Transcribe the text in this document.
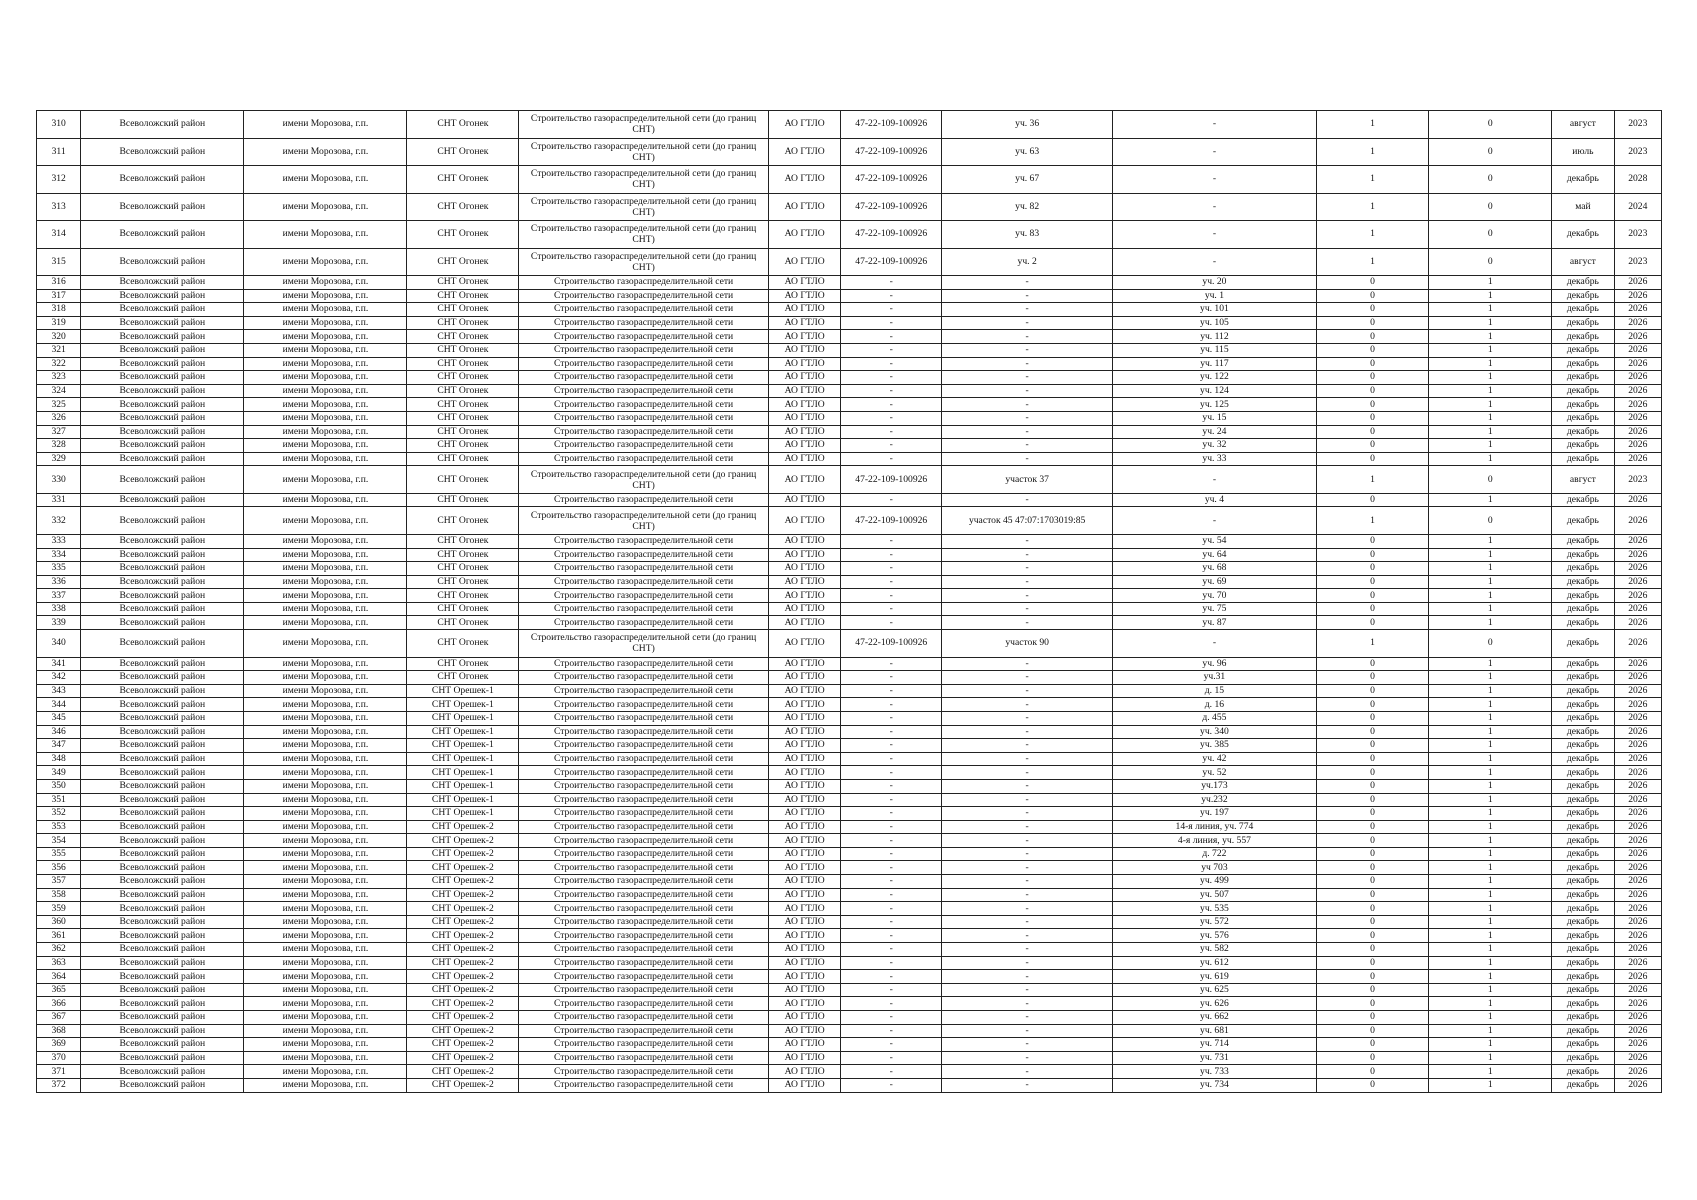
310	Всеволожский район	имени Морозова, г.п.	СНТ Огонек	Строительство газораспределительной сети (до границ СНТ)	АО ГТЛО	47-22-109-100926	уч. 36	-	1	0	август	2023
311	Всеволожский район	имени Морозова, г.п.	СНТ Огонек	Строительство газораспределительной сети (до границ СНТ)	АО ГТЛО	47-22-109-100926	уч. 63	-	1	0	июль	2023
312	Всеволожский район	имени Морозова, г.п.	СНТ Огонек	Строительство газораспределительной сети (до границ СНТ)	АО ГТЛО	47-22-109-100926	уч. 67	-	1	0	декабрь	2028
313	Всеволожский район	имени Морозова, г.п.	СНТ Огонек	Строительство газораспределительной сети (до границ СНТ)	АО ГТЛО	47-22-109-100926	уч. 82	-	1	0	май	2024
314	Всеволожский район	имени Морозова, г.п.	СНТ Огонек	Строительство газораспределительной сети (до границ СНТ)	АО ГТЛО	47-22-109-100926	уч. 83	-	1	0	декабрь	2023
315	Всеволожский район	имени Морозова, г.п.	СНТ Огонек	Строительство газораспределительной сети (до границ СНТ)	АО ГТЛО	47-22-109-100926	уч. 2	-	1	0	август	2023
316	Всеволожский район	имени Морозова, г.п.	СНТ Огонек	Строительство газораспределительной сети	АО ГТЛО	-	-	уч. 20	0	1	декабрь	2026
317	Всеволожский район	имени Морозова, г.п.	СНТ Огонек	Строительство газораспределительной сети	АО ГТЛО	-	-	уч. 1	0	1	декабрь	2026
318	Всеволожский район	имени Морозова, г.п.	СНТ Огонек	Строительство газораспределительной сети	АО ГТЛО	-	-	уч. 101	0	1	декабрь	2026
319	Всеволожский район	имени Морозова, г.п.	СНТ Огонек	Строительство газораспределительной сети	АО ГТЛО	-	-	уч. 105	0	1	декабрь	2026
320	Всеволожский район	имени Морозова, г.п.	СНТ Огонек	Строительство газораспределительной сети	АО ГТЛО	-	-	уч. 112	0	1	декабрь	2026
321	Всеволожский район	имени Морозова, г.п.	СНТ Огонек	Строительство газораспределительной сети	АО ГТЛО	-	-	уч. 115	0	1	декабрь	2026
322	Всеволожский район	имени Морозова, г.п.	СНТ Огонек	Строительство газораспределительной сети	АО ГТЛО	-	-	уч. 117	0	1	декабрь	2026
323	Всеволожский район	имени Морозова, г.п.	СНТ Огонек	Строительство газораспределительной сети	АО ГТЛО	-	-	уч. 122	0	1	декабрь	2026
324	Всеволожский район	имени Морозова, г.п.	СНТ Огонек	Строительство газораспределительной сети	АО ГТЛО	-	-	уч. 124	0	1	декабрь	2026
325	Всеволожский район	имени Морозова, г.п.	СНТ Огонек	Строительство газораспределительной сети	АО ГТЛО	-	-	уч. 125	0	1	декабрь	2026
326	Всеволожский район	имени Морозова, г.п.	СНТ Огонек	Строительство газораспределительной сети	АО ГТЛО	-	-	уч. 15	0	1	декабрь	2026
327	Всеволожский район	имени Морозова, г.п.	СНТ Огонек	Строительство газораспределительной сети	АО ГТЛО	-	-	уч. 24	0	1	декабрь	2026
328	Всеволожский район	имени Морозова, г.п.	СНТ Огонек	Строительство газораспределительной сети	АО ГТЛО	-	-	уч. 32	0	1	декабрь	2026
329	Всеволожский район	имени Морозова, г.п.	СНТ Огонек	Строительство газораспределительной сети	АО ГТЛО	-	-	уч. 33	0	1	декабрь	2026
330	Всеволожский район	имени Морозова, г.п.	СНТ Огонек	Строительство газораспределительной сети (до границ СНТ)	АО ГТЛО	47-22-109-100926	участок 37	-	1	0	август	2023
331	Всеволожский район	имени Морозова, г.п.	СНТ Огонек	Строительство газораспределительной сети	АО ГТЛО	-	-	уч. 4	0	1	декабрь	2026
332	Всеволожский район	имени Морозова, г.п.	СНТ Огонек	Строительство газораспределительной сети (до границ СНТ)	АО ГТЛО	47-22-109-100926	участок 45 47:07:1703019:85	-	1	0	декабрь	2026
333	Всеволожский район	имени Морозова, г.п.	СНТ Огонек	Строительство газораспределительной сети	АО ГТЛО	-	-	уч. 54	0	1	декабрь	2026
334	Всеволожский район	имени Морозова, г.п.	СНТ Огонек	Строительство газораспределительной сети	АО ГТЛО	-	-	уч. 64	0	1	декабрь	2026
335	Всеволожский район	имени Морозова, г.п.	СНТ Огонек	Строительство газораспределительной сети	АО ГТЛО	-	-	уч. 68	0	1	декабрь	2026
336	Всеволожский район	имени Морозова, г.п.	СНТ Огонек	Строительство газораспределительной сети	АО ГТЛО	-	-	уч. 69	0	1	декабрь	2026
337	Всеволожский район	имени Морозова, г.п.	СНТ Огонек	Строительство газораспределительной сети	АО ГТЛО	-	-	уч. 70	0	1	декабрь	2026
338	Всеволожский район	имени Морозова, г.п.	СНТ Огонек	Строительство газораспределительной сети	АО ГТЛО	-	-	уч. 75	0	1	декабрь	2026
339	Всеволожский район	имени Морозова, г.п.	СНТ Огонек	Строительство газораспределительной сети	АО ГТЛО	-	-	уч. 87	0	1	декабрь	2026
340	Всеволожский район	имени Морозова, г.п.	СНТ Огонек	Строительство газораспределительной сети (до границ СНТ)	АО ГТЛО	47-22-109-100926	участок 90	-	1	0	декабрь	2026
341	Всеволожский район	имени Морозова, г.п.	СНТ Огонек	Строительство газораспределительной сети	АО ГТЛО	-	-	уч. 96	0	1	декабрь	2026
342	Всеволожский район	имени Морозова, г.п.	СНТ Огонек	Строительство газораспределительной сети	АО ГТЛО	-	-	уч.31	0	1	декабрь	2026
343	Всеволожский район	имени Морозова, г.п.	СНТ Орешек-1	Строительство газораспределительной сети	АО ГТЛО	-	-	д. 15	0	1	декабрь	2026
344	Всеволожский район	имени Морозова, г.п.	СНТ Орешек-1	Строительство газораспределительной сети	АО ГТЛО	-	-	д. 16	0	1	декабрь	2026
345	Всеволожский район	имени Морозова, г.п.	СНТ Орешек-1	Строительство газораспределительной сети	АО ГТЛО	-	-	д. 455	0	1	декабрь	2026
346	Всеволожский район	имени Морозова, г.п.	СНТ Орешек-1	Строительство газораспределительной сети	АО ГТЛО	-	-	уч. 340	0	1	декабрь	2026
347	Всеволожский район	имени Морозова, г.п.	СНТ Орешек-1	Строительство газораспределительной сети	АО ГТЛО	-	-	уч. 385	0	1	декабрь	2026
348	Всеволожский район	имени Морозова, г.п.	СНТ Орешек-1	Строительство газораспределительной сети	АО ГТЛО	-	-	уч. 42	0	1	декабрь	2026
349	Всеволожский район	имени Морозова, г.п.	СНТ Орешек-1	Строительство газораспределительной сети	АО ГТЛО	-	-	уч. 52	0	1	декабрь	2026
350	Всеволожский район	имени Морозова, г.п.	СНТ Орешек-1	Строительство газораспределительной сети	АО ГТЛО	-	-	уч.173	0	1	декабрь	2026
351	Всеволожский район	имени Морозова, г.п.	СНТ Орешек-1	Строительство газораспределительной сети	АО ГТЛО	-	-	уч.232	0	1	декабрь	2026
352	Всеволожский район	имени Морозова, г.п.	СНТ Орешек-1	Строительство газораспределительной сети	АО ГТЛО	-	-	уч. 197	0	1	декабрь	2026
353	Всеволожский район	имени Морозова, г.п.	СНТ Орешек-2	Строительство газораспределительной сети	АО ГТЛО	-	-	14-я линия, уч. 774	0	1	декабрь	2026
354	Всеволожский район	имени Морозова, г.п.	СНТ Орешек-2	Строительство газораспределительной сети	АО ГТЛО	-	-	4-я линия, уч. 557	0	1	декабрь	2026
355	Всеволожский район	имени Морозова, г.п.	СНТ Орешек-2	Строительство газораспределительной сети	АО ГТЛО	-	-	д. 722	0	1	декабрь	2026
356	Всеволожский район	имени Морозова, г.п.	СНТ Орешек-2	Строительство газораспределительной сети	АО ГТЛО	-	-	уч 703	0	1	декабрь	2026
357	Всеволожский район	имени Морозова, г.п.	СНТ Орешек-2	Строительство газораспределительной сети	АО ГТЛО	-	-	уч. 499	0	1	декабрь	2026
358	Всеволожский район	имени Морозова, г.п.	СНТ Орешек-2	Строительство газораспределительной сети	АО ГТЛО	-	-	уч. 507	0	1	декабрь	2026
359	Всеволожский район	имени Морозова, г.п.	СНТ Орешек-2	Строительство газораспределительной сети	АО ГТЛО	-	-	уч. 535	0	1	декабрь	2026
360	Всеволожский район	имени Морозова, г.п.	СНТ Орешек-2	Строительство газораспределительной сети	АО ГТЛО	-	-	уч. 572	0	1	декабрь	2026
361	Всеволожский район	имени Морозова, г.п.	СНТ Орешек-2	Строительство газораспределительной сети	АО ГТЛО	-	-	уч. 576	0	1	декабрь	2026
362	Всеволожский район	имени Морозова, г.п.	СНТ Орешек-2	Строительство газораспределительной сети	АО ГТЛО	-	-	уч. 582	0	1	декабрь	2026
363	Всеволожский район	имени Морозова, г.п.	СНТ Орешек-2	Строительство газораспределительной сети	АО ГТЛО	-	-	уч. 612	0	1	декабрь	2026
364	Всеволожский район	имени Морозова, г.п.	СНТ Орешек-2	Строительство газораспределительной сети	АО ГТЛО	-	-	уч. 619	0	1	декабрь	2026
365	Всеволожский район	имени Морозова, г.п.	СНТ Орешек-2	Строительство газораспределительной сети	АО ГТЛО	-	-	уч. 625	0	1	декабрь	2026
366	Всеволожский район	имени Морозова, г.п.	СНТ Орешек-2	Строительство газораспределительной сети	АО ГТЛО	-	-	уч. 626	0	1	декабрь	2026
367	Всеволожский район	имени Морозова, г.п.	СНТ Орешек-2	Строительство газораспределительной сети	АО ГТЛО	-	-	уч. 662	0	1	декабрь	2026
368	Всеволожский район	имени Морозова, г.п.	СНТ Орешек-2	Строительство газораспределительной сети	АО ГТЛО	-	-	уч. 681	0	1	декабрь	2026
369	Всеволожский район	имени Морозова, г.п.	СНТ Орешек-2	Строительство газораспределительной сети	АО ГТЛО	-	-	уч. 714	0	1	декабрь	2026
370	Всеволожский район	имени Морозова, г.п.	СНТ Орешек-2	Строительство газораспределительной сети	АО ГТЛО	-	-	уч. 731	0	1	декабрь	2026
371	Всеволожский район	имени Морозова, г.п.	СНТ Орешек-2	Строительство газораспределительной сети	АО ГТЛО	-	-	уч. 733	0	1	декабрь	2026
372	Всеволожский район	имени Морозова, г.п.	СНТ Орешек-2	Строительство газораспределительной сети	АО ГТЛО	-	-	уч. 734	0	1	декабрь	2026
